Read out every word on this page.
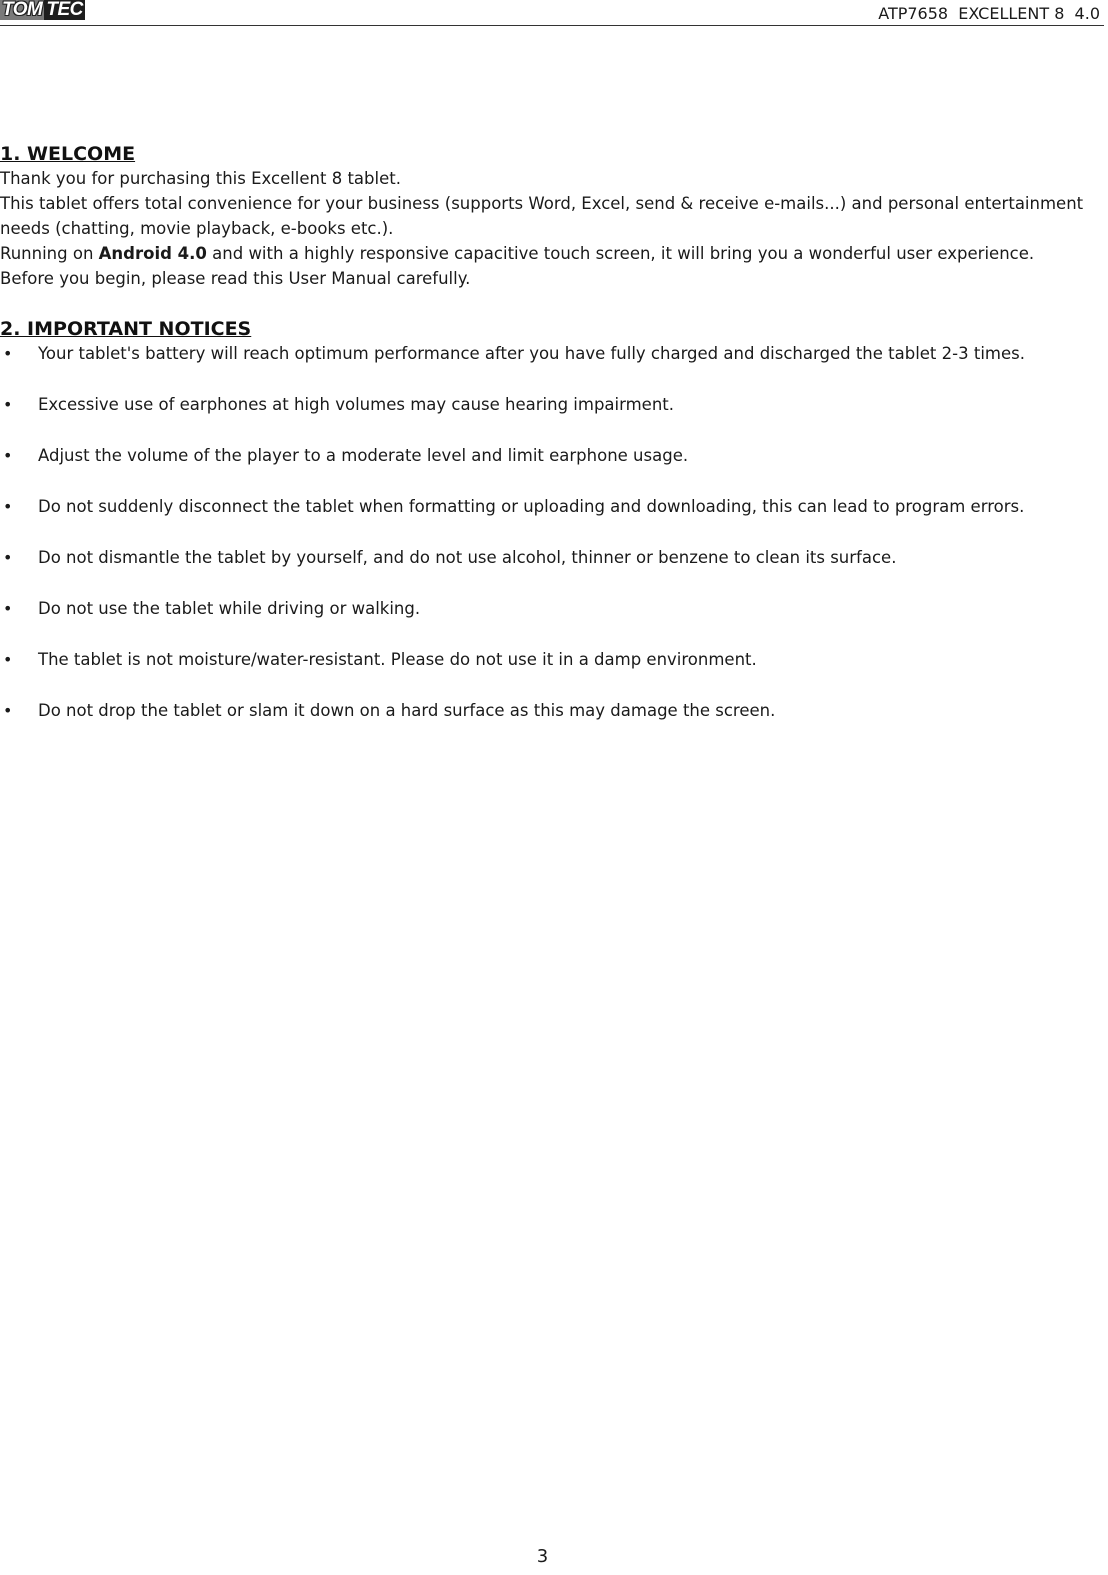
TOM TEC	ATP7658  EXCELLENT 8  4.0
1. WELCOME

Thank you for purchasing this Excellent 8 tablet.

This tablet offers total convenience for your business (supports Word, Excel, send & receive e-mails...) and personal entertainment needs (chatting, movie playback, e-books etc.).

Running on Android 4.0 and with a highly responsive capacitive touch screen, it will bring you a wonderful user experience.

Before you begin, please read this User Manual carefully.

2. IMPORTANT NOTICES
• Your tablet's battery will reach optimum performance after you have fully charged and discharged the tablet 2-3 times.
• Excessive use of earphones at high volumes may cause hearing impairment.
• Adjust the volume of the player to a moderate level and limit earphone usage.
• Do not suddenly disconnect the tablet when formatting or uploading and downloading, this can lead to program errors.
• Do not dismantle the tablet by yourself, and do not use alcohol, thinner or benzene to clean its surface.
• Do not use the tablet while driving or walking.
• The tablet is not moisture/water-resistant. Please do not use it in a damp environment.
• Do not drop the tablet or slam it down on a hard surface as this may damage the screen.
3
